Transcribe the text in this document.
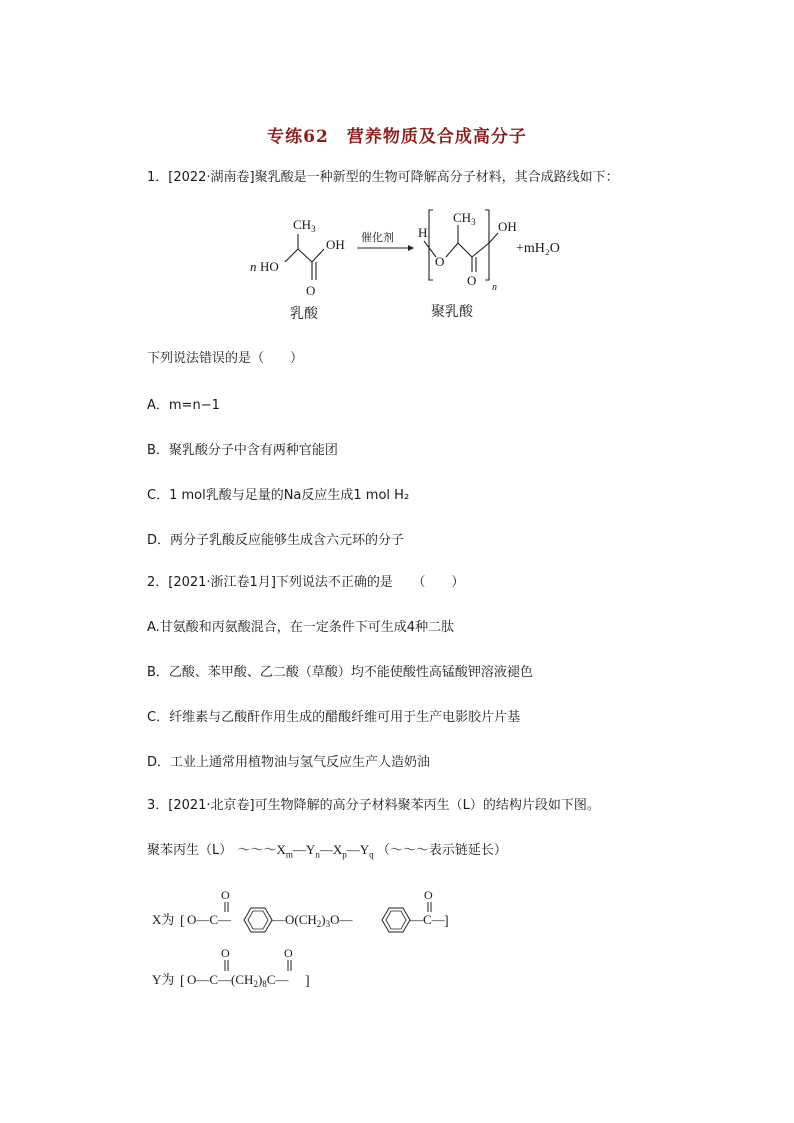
专练62　营养物质及合成高分子
1．[2022·湖南卷]聚乳酸是一种新型的生物可降解高分子材料，其合成路线如下：
$CH_3$
OH
n HO
O
催化剂 H
O
$CH_3$
O n
OH
+mH₂O
乳酸	聚乳酸
下列说法错误的是（　　）
A．m=n−1
B．聚乳酸分子中含有两种官能团
C．1 mol乳酸与足量的Na反应生成1 mol H₂
D．两分子乳酸反应能够生成含六元环的分子
2．[2021·浙江卷1月]下列说法不正确的是　　（　　）
A.甘氨酸和丙氨酸混合，在一定条件下可生成4种二肽
B．乙酸、苯甲酸、乙二酸（草酸）均不能使酸性高锰酸钾溶液褪色
C．纤维素与乙酸酐作用生成的醋酸纤维可用于生产电影胶片片基
D．工业上通常用植物油与氢气反应生产人造奶油
3．[2021·北京卷]可生物降解的高分子材料聚苯丙生（L）的结构片段如下图。
聚苯丙生（L） $\sim\sim\sim X_m—Y_n—X_p—Y_q$ （～～～表示链延长）
X为 [ O—C—
O
$—O(CH_2)_3O—$	—C—
O
]
Y为 [ $O—C—(CH_2)_8C—$
O	O
]
